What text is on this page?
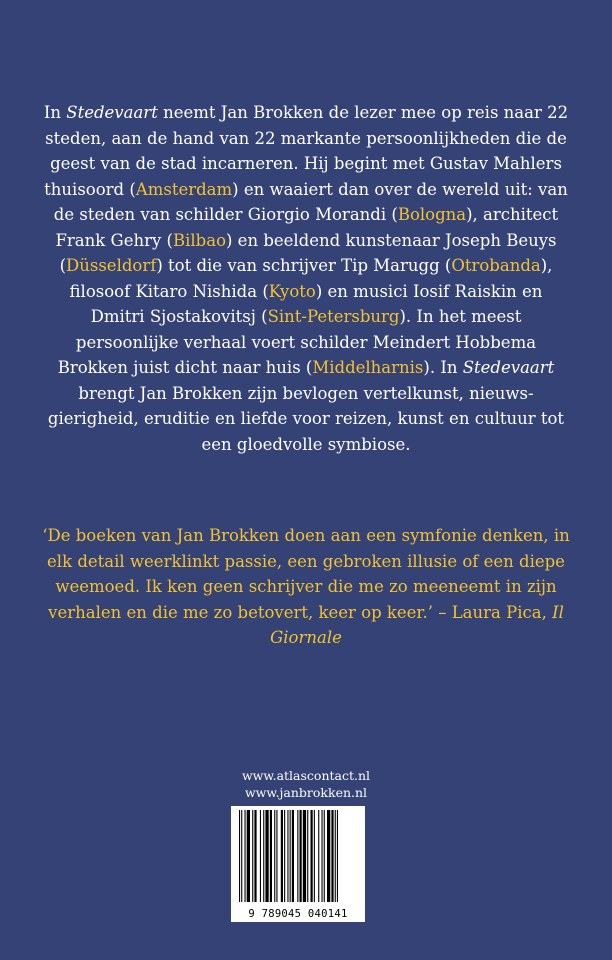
In Stedevaart neemt Jan Brokken de lezer mee op reis naar 22 steden, aan de hand van 22 markante persoonlijkheden die de geest van de stad incarneren. Hij begint met Gustav Mahlers thuisoord (Amsterdam) en waaiert dan over de wereld uit: van de steden van schilder Giorgio Morandi (Bologna), architect Frank Gehry (Bilbao) en beeldend kunstenaar Joseph Beuys (Düsseldorf) tot die van schrijver Tip Marugg (Otrobanda), filosoof Kitaro Nishida (Kyoto) en musici Iosif Raiskin en Dmitri Sjostakovitsj (Sint-Petersburg). In het meest persoonlijke verhaal voert schilder Meindert Hobbema Brokken juist dicht naar huis (Middelharnis). In Stedevaart brengt Jan Brokken zijn bevlogen vertelkunst, nieuws-gierigheid, eruditie en liefde voor reizen, kunst en cultuur tot een gloedvolle symbiose.

‘De boeken van Jan Brokken doen aan een symfonie denken, in elk detail weerklinkt passie, een gebroken illusie of een diepe weemoed. Ik ken geen schrijver die me zo meeneemt in zijn verhalen en die me zo betovert, keer op keer.’ – Laura Pica, Il Giornale

www.atlascontact.nl
www.janbrokken.nl
9 789045 040141
